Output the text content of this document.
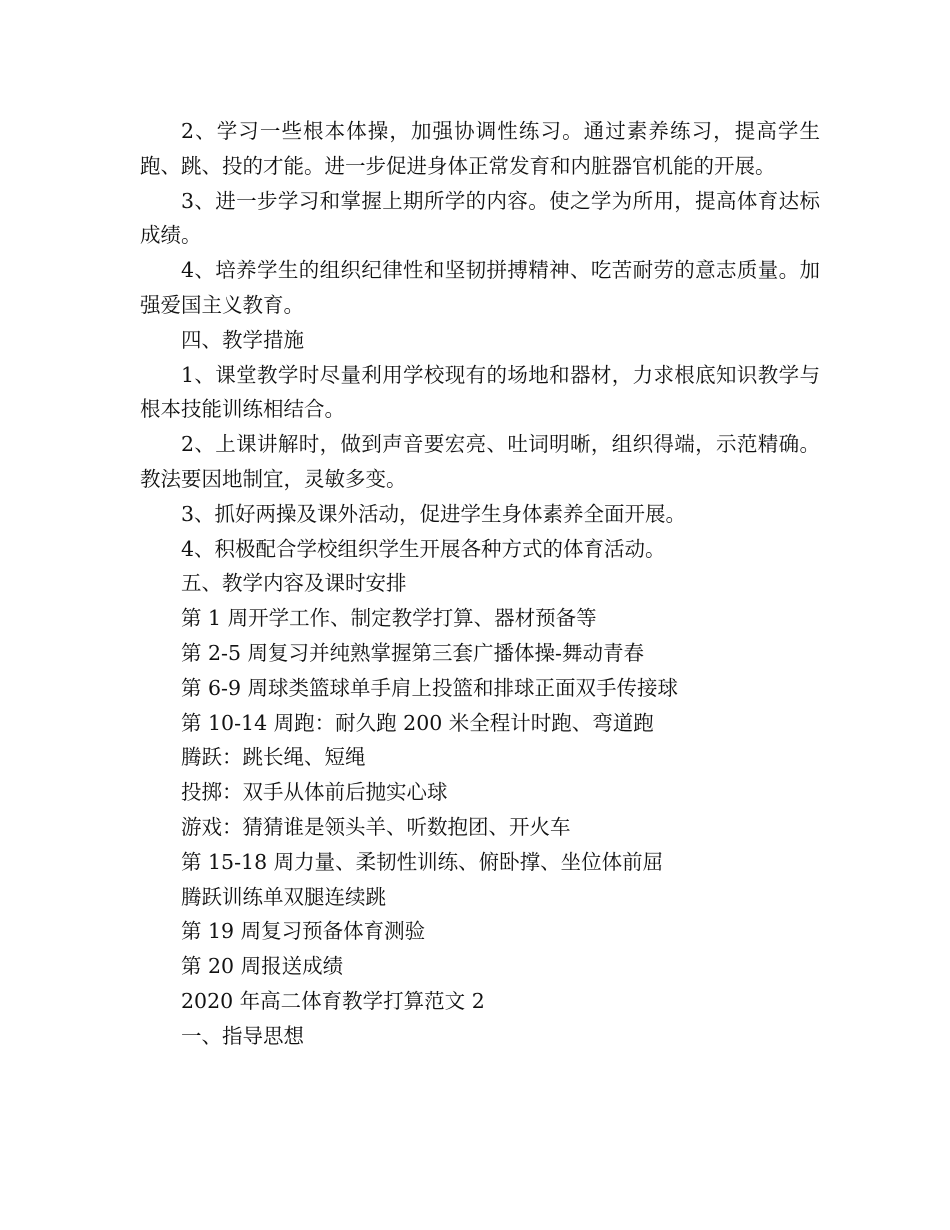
2、学习一些根本体操，加强协调性练习。通过素养练习，提高学生跑、跳、投的才能。进一步促进身体正常发育和内脏器官机能的开展。

3、进一步学习和掌握上期所学的内容。使之学为所用，提高体育达标成绩。

4、培养学生的组织纪律性和坚韧拼搏精神、吃苦耐劳的意志质量。加强爱国主义教育。

四、教学措施

1、课堂教学时尽量利用学校现有的场地和器材，力求根底知识教学与根本技能训练相结合。

2、上课讲解时，做到声音要宏亮、吐词明晰，组织得端，示范精确。教法要因地制宜，灵敏多变。

3、抓好两操及课外活动，促进学生身体素养全面开展。

4、积极配合学校组织学生开展各种方式的体育活动。

五、教学内容及课时安排

第 1 周开学工作、制定教学打算、器材预备等

第 2-5 周复习并纯熟掌握第三套广播体操-舞动青春

第 6-9 周球类篮球单手肩上投篮和排球正面双手传接球

第 10-14 周跑：耐久跑 200 米全程计时跑、弯道跑

腾跃：跳长绳、短绳

投掷：双手从体前后抛实心球

游戏：猜猜谁是领头羊、听数抱团、开火车

第 15-18 周力量、柔韧性训练、俯卧撑、坐位体前屈

腾跃训练单双腿连续跳

第 19 周复习预备体育测验

第 20 周报送成绩

2020 年高二体育教学打算范文 2

一、指导思想
